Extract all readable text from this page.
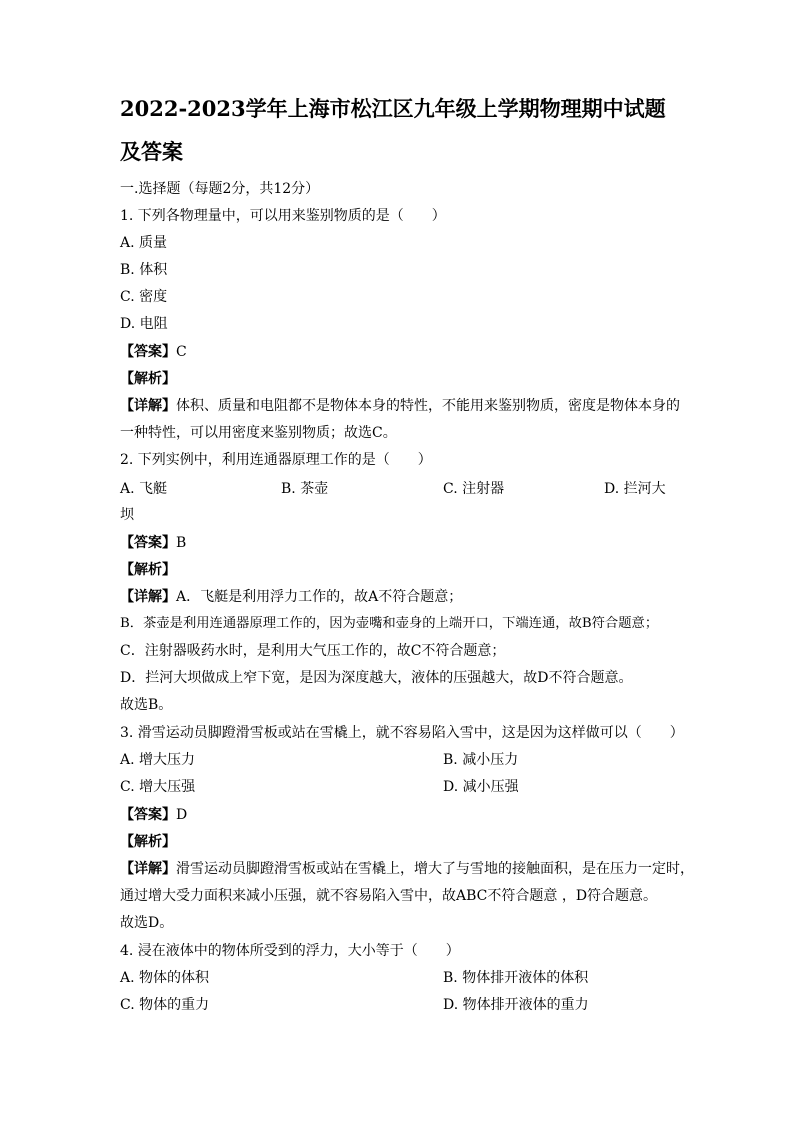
2022-2023学年上海市松江区九年级上学期物理期中试题及答案
一.选择题（每题2分，共12分）
1. 下列各物理量中，可以用来鉴别物质的是（　　）
A. 质量
B. 体积
C. 密度
D. 电阻
【答案】C
【解析】
【详解】体积、质量和电阻都不是物体本身的特性，不能用来鉴别物质，密度是物体本身的
一种特性，可以用密度来鉴别物质；故选C。
2. 下列实例中，利用连通器原理工作的是（　　）
A. 飞艇	B. 茶壶	C. 注射器	D. 拦河大
坝
【答案】B
【解析】
【详解】A．飞艇是利用浮力工作的，故A不符合题意；
B．茶壶是利用连通器原理工作的，因为壶嘴和壶身的上端开口，下端连通，故B符合题意；
C．注射器吸药水时，是利用大气压工作的，故C不符合题意；
D．拦河大坝做成上窄下宽，是因为深度越大，液体的压强越大，故D不符合题意。
故选B。
3. 滑雪运动员脚蹬滑雪板或站在雪橇上，就不容易陷入雪中，这是因为这样做可以（　　）
A. 增大压力	B. 减小压力
C. 增大压强	D. 减小压强
【答案】D
【解析】
【详解】滑雪运动员脚蹬滑雪板或站在雪橇上，增大了与雪地的接触面积，是在压力一定时，
通过增大受力面积来减小压强，就不容易陷入雪中，故ABC不符合题意 ，D符合题意。
故选D。
4. 浸在液体中的物体所受到的浮力，大小等于（　　）
A. 物体的体积	B. 物体排开液体的体积
C. 物体的重力	D. 物体排开液体的重力
